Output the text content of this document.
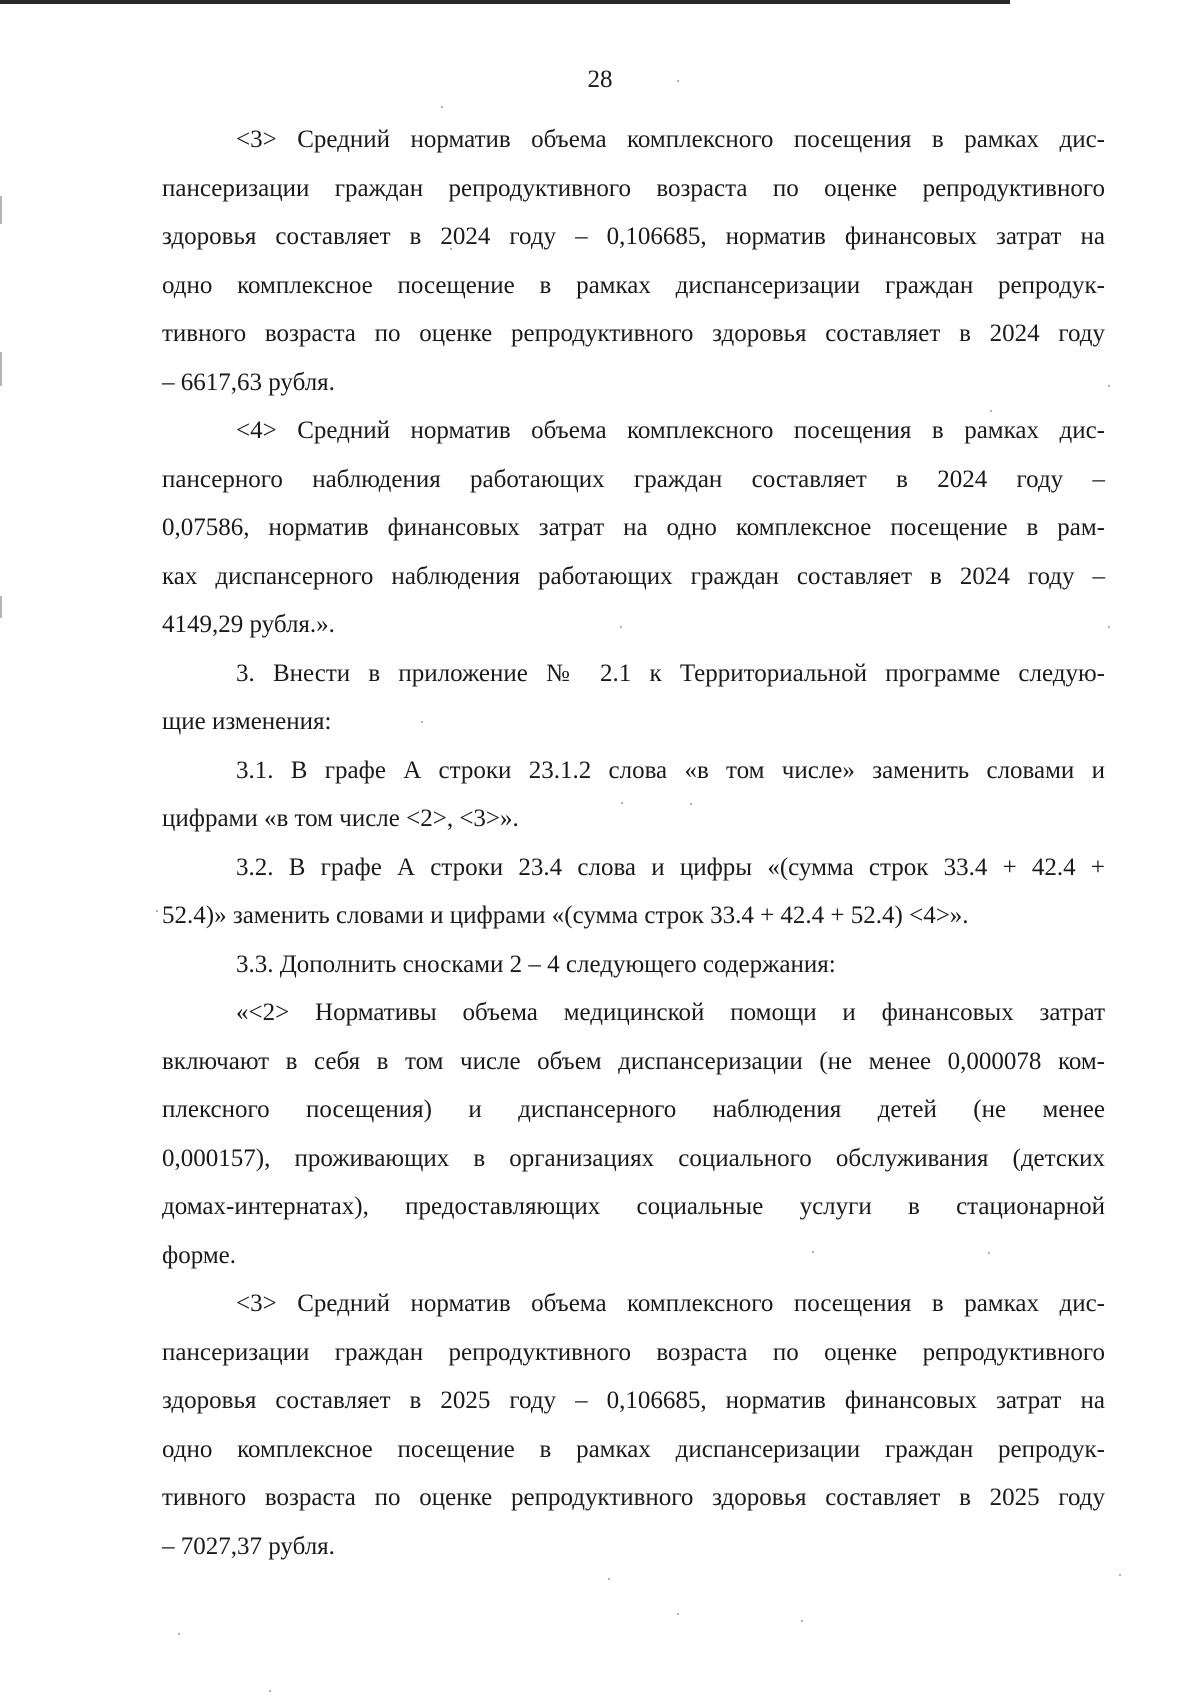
28

<3> Средний норматив объема комплексного посещения в рамках дис-
пансеризации граждан репродуктивного возраста по оценке репродуктивного
здоровья составляет в 2024 году – 0,106685, норматив финансовых затрат на
одно комплексное посещение в рамках диспансеризации граждан репродук-
тивного возраста по оценке репродуктивного здоровья составляет в 2024 году
– 6617,63 рубля.

<4> Средний норматив объема комплексного посещения в рамках дис-
пансерного наблюдения работающих граждан составляет в 2024 году –
0,07586, норматив финансовых затрат на одно комплексное посещение в рам-
ках диспансерного наблюдения работающих граждан составляет в 2024 году –
4149,29 рубля.».

3. Внести в приложение № 2.1 к Территориальной программе следую-
щие изменения:

3.1. В графе А строки 23.1.2 слова «в том числе» заменить словами и
цифрами «в том числе <2>, <3>».

3.2. В графе А строки 23.4 слова и цифры «(сумма строк 33.4 + 42.4 +
52.4)» заменить словами и цифрами «(сумма строк 33.4 + 42.4 + 52.4) <4>».

3.3. Дополнить сносками 2 – 4 следующего содержания:

«<2> Нормативы объема медицинской помощи и финансовых затрат
включают в себя в том числе объем диспансеризации (не менее 0,000078 ком-
плексного посещения) и диспансерного наблюдения детей (не менее
0,000157), проживающих в организациях социального обслуживания (детских
домах-интернатах), предоставляющих социальные услуги в стационарной
форме.

<3> Средний норматив объема комплексного посещения в рамках дис-
пансеризации граждан репродуктивного возраста по оценке репродуктивного
здоровья составляет в 2025 году – 0,106685, норматив финансовых затрат на
одно комплексное посещение в рамках диспансеризации граждан репродук-
тивного возраста по оценке репродуктивного здоровья составляет в 2025 году
– 7027,37 рубля.
